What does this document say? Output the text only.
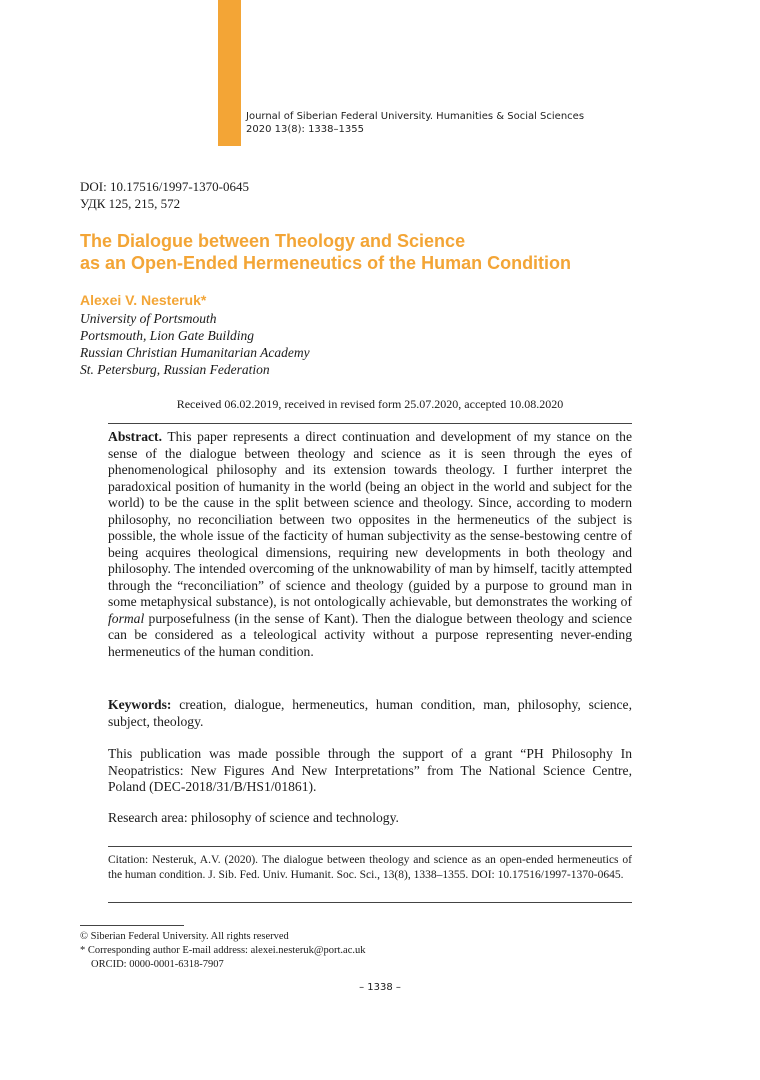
Journal of Siberian Federal University. Humanities & Social Sciences
2020 13(8): 1338–1355
DOI: 10.17516/1997-1370-0645
УДК 125, 215, 572
The Dialogue between Theology and Science
as an Open-Ended Hermeneutics of the Human Condition
Alexei V. Nesteruk*
University of Portsmouth
Portsmouth, Lion Gate Building
Russian Christian Humanitarian Academy
St. Petersburg, Russian Federation
Received 06.02.2019, received in revised form 25.07.2020, accepted 10.08.2020
Abstract. This paper represents a direct continuation and development of my stance on the sense of the dialogue between theology and science as it is seen through the eyes of phenomenological philosophy and its extension towards theology. I further interpret the paradoxical position of humanity in the world (being an object in the world and subject for the world) to be the cause in the split between science and theology. Since, according to modern philosophy, no reconciliation between two opposites in the hermeneutics of the subject is possible, the whole issue of the facticity of human subjectivity as the sense-bestowing centre of being acquires theological dimensions, requiring new developments in both theology and philosophy. The intended overcoming of the unknowability of man by himself, tacitly attempted through the “reconciliation” of science and theology (guided by a purpose to ground man in some metaphysical substance), is not ontologically achievable, but demonstrates the working of formal purposefulness (in the sense of Kant). Then the dialogue between theology and science can be considered as a teleological activity without a purpose representing never-ending hermeneutics of the human condition.
Keywords: creation, dialogue, hermeneutics, human condition, man, philosophy, science, subject, theology.
This publication was made possible through the support of a grant “PH Philosophy In Neopatristics: New Figures And New Interpretations” from The National Science Centre, Poland (DEC-2018/31/B/HS1/01861).
Research area: philosophy of science and technology.
Citation: Nesteruk, A.V. (2020). The dialogue between theology and science as an open-ended hermeneutics of the human condition. J. Sib. Fed. Univ. Humanit. Soc. Sci., 13(8), 1338–1355. DOI: 10.17516/1997-1370-0645.
© Siberian Federal University. All rights reserved
* Corresponding author E-mail address: alexei.nesteruk@port.ac.uk
ORCID: 0000-0001-6318-7907
– 1338 –
